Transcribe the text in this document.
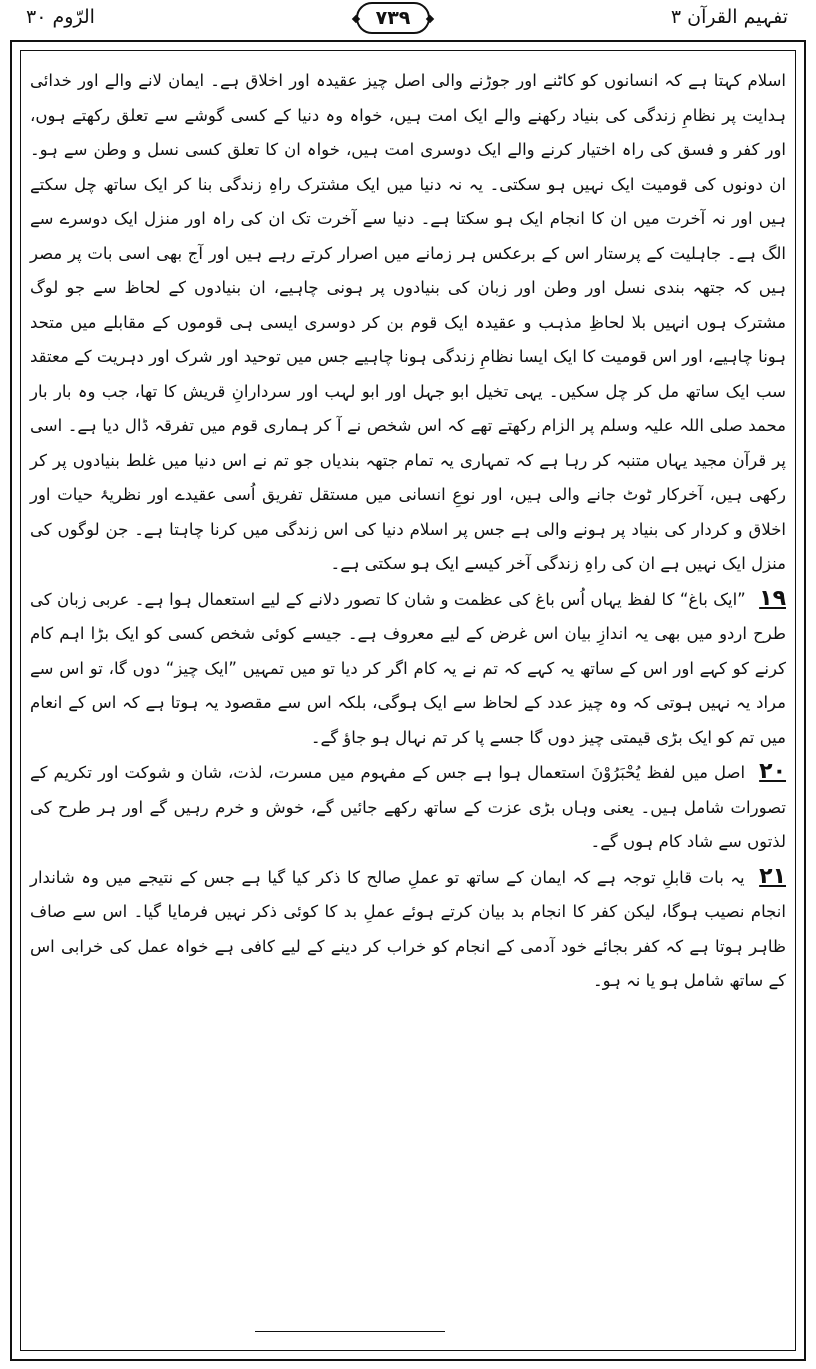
تفہیم القرآن ۳
۷۳۹
الرّوم ۳۰

اسلام کہتا ہے کہ انسانوں کو کاٹنے اور جوڑنے والی اصل چیز عقیدہ اور اخلاق ہے۔ ایمان لانے والے اور خدائی ہدایت پر نظامِ زندگی کی بنیاد رکھنے والے ایک امت ہیں، خواہ وہ دنیا کے کسی گوشے سے تعلق رکھتے ہوں، اور کفر و فسق کی راہ اختیار کرنے والے ایک دوسری امت ہیں، خواہ ان کا تعلق کسی نسل و وطن سے ہو۔ ان دونوں کی قومیت ایک نہیں ہو سکتی۔ یہ نہ دنیا میں ایک مشترک راہِ زندگی بنا کر ایک ساتھ چل سکتے ہیں اور نہ آخرت میں ان کا انجام ایک ہو سکتا ہے۔ دنیا سے آخرت تک ان کی راہ اور منزل ایک دوسرے سے الگ ہے۔ جاہلیت کے پرستار اس کے برعکس ہر زمانے میں اصرار کرتے رہے ہیں اور آج بھی اسی بات پر مصر ہیں کہ جتھہ بندی نسل اور وطن اور زبان کی بنیادوں پر ہونی چاہیے، ان بنیادوں کے لحاظ سے جو لوگ مشترک ہوں انہیں بلا لحاظِ مذہب و عقیدہ ایک قوم بن کر دوسری ایسی ہی قوموں کے مقابلے میں متحد ہونا چاہیے، اور اس قومیت کا ایک ایسا نظامِ زندگی ہونا چاہیے جس میں توحید اور شرک اور دہریت کے معتقد سب ایک ساتھ مل کر چل سکیں۔ یہی تخیل ابو جہل اور ابو لہب اور سردارانِ قریش کا تھا، جب وہ بار بار محمد صلی اللہ علیہ وسلم پر الزام رکھتے تھے کہ اس شخص نے آ کر ہماری قوم میں تفرقہ ڈال دیا ہے۔ اسی پر قرآن مجید یہاں متنبہ کر رہا ہے کہ تمہاری یہ تمام جتھہ بندیاں جو تم نے اس دنیا میں غلط بنیادوں پر کر رکھی ہیں، آخرکار ٹوٹ جانے والی ہیں، اور نوعِ انسانی میں مستقل تفریق اُسی عقیدے اور نظریۂ حیات اور اخلاق و کردار کی بنیاد پر ہونے والی ہے جس پر اسلام دنیا کی اس زندگی میں کرنا چاہتا ہے۔ جن لوگوں کی منزل ایک نہیں ہے ان کی راہِ زندگی آخر کیسے ایک ہو سکتی ہے۔

۱۹ ”ایک باغ“ کا لفظ یہاں اُس باغ کی عظمت و شان کا تصور دلانے کے لیے استعمال ہوا ہے۔ عربی زبان کی طرح اردو میں بھی یہ اندازِ بیان اس غرض کے لیے معروف ہے۔ جیسے کوئی شخص کسی کو ایک بڑا اہم کام کرنے کو کہے اور اس کے ساتھ یہ کہے کہ تم نے یہ کام اگر کر دیا تو میں تمہیں ”ایک چیز“ دوں گا، تو اس سے مراد یہ نہیں ہوتی کہ وہ چیز عدد کے لحاظ سے ایک ہوگی، بلکہ اس سے مقصود یہ ہوتا ہے کہ اس کے انعام میں تم کو ایک بڑی قیمتی چیز دوں گا جسے پا کر تم نہال ہو جاؤ گے۔

۲۰ اصل میں لفظ یُحْبَرُوْنَ استعمال ہوا ہے جس کے مفہوم میں مسرت، لذت، شان و شوکت اور تکریم کے تصورات شامل ہیں۔ یعنی وہاں بڑی عزت کے ساتھ رکھے جائیں گے، خوش و خرم رہیں گے اور ہر طرح کی لذتوں سے شاد کام ہوں گے۔

۲۱ یہ بات قابلِ توجہ ہے کہ ایمان کے ساتھ تو عملِ صالح کا ذکر کیا گیا ہے جس کے نتیجے میں وہ شاندار انجام نصیب ہوگا، لیکن کفر کا انجام بد بیان کرتے ہوئے عملِ بد کا کوئی ذکر نہیں فرمایا گیا۔ اس سے صاف ظاہر ہوتا ہے کہ کفر بجائے خود آدمی کے انجام کو خراب کر دینے کے لیے کافی ہے خواہ عمل کی خرابی اس کے ساتھ شامل ہو یا نہ ہو۔
